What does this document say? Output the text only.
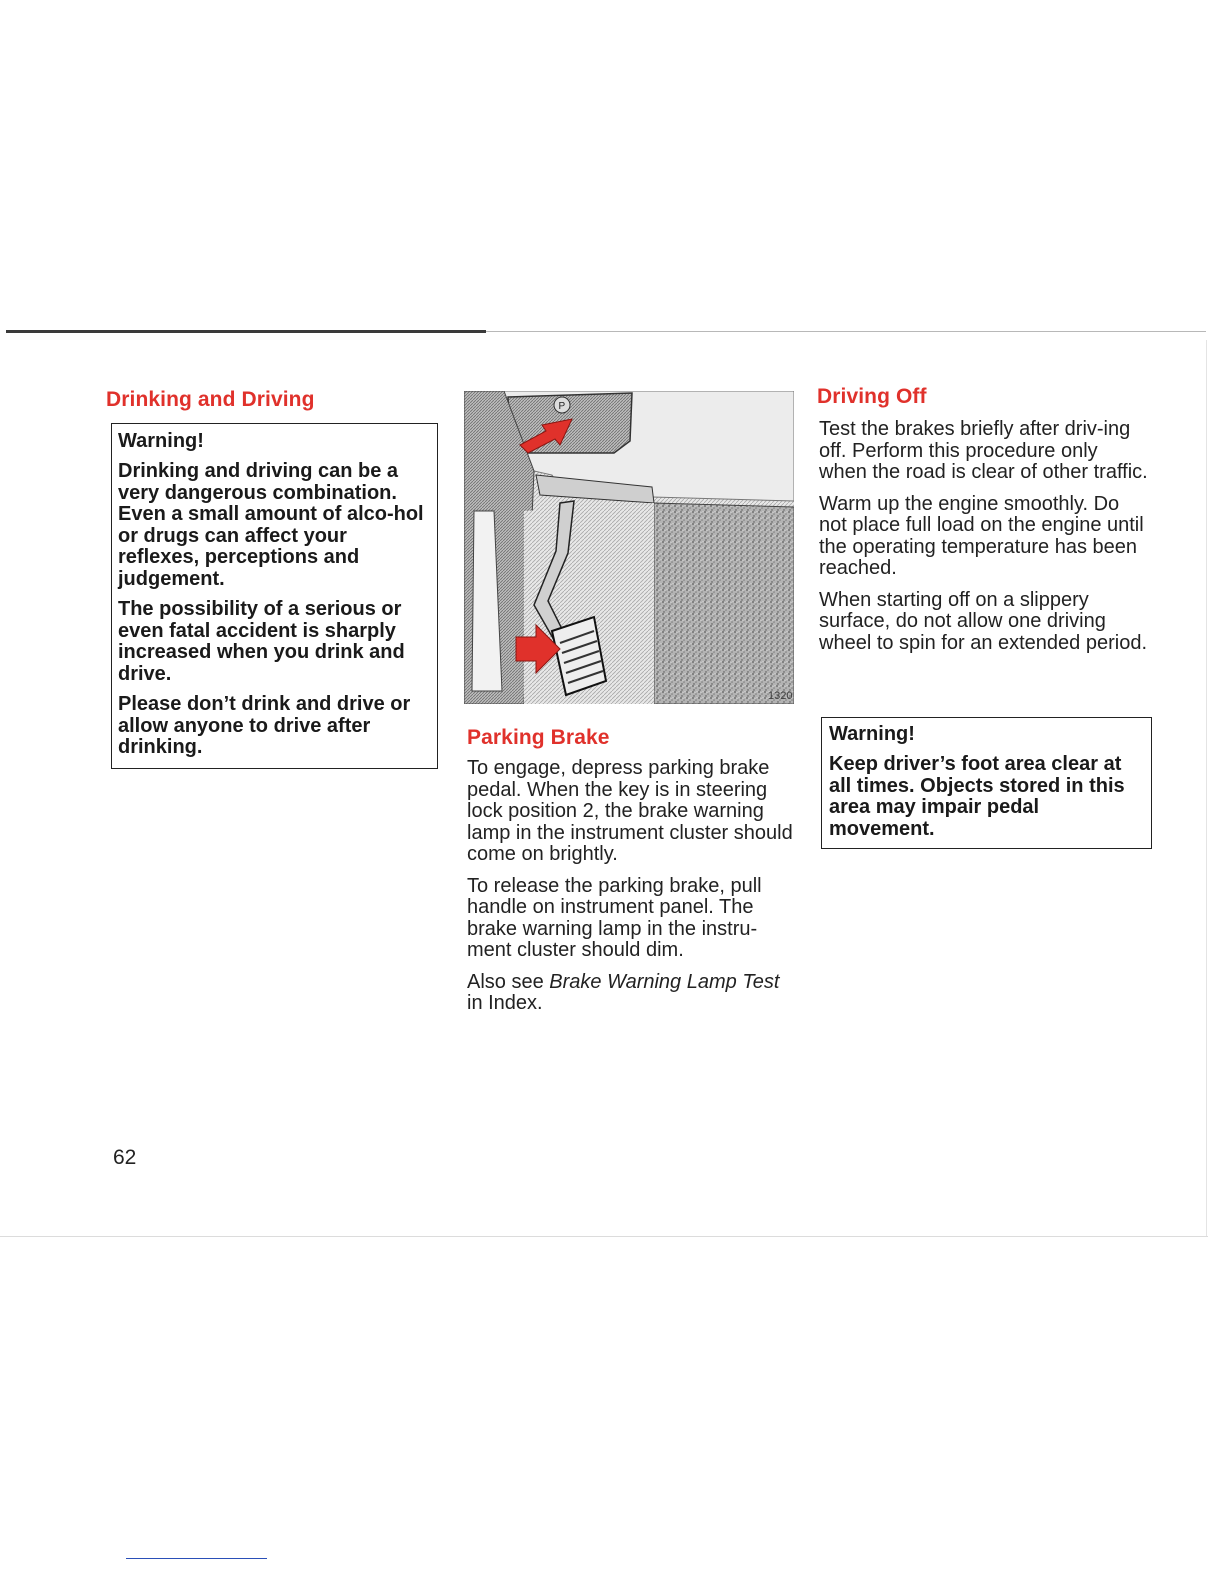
Drinking and Driving
Warning!

Drinking and driving can be a very dangerous combination. Even a small amount of alco-hol or drugs can affect your reflexes, perceptions and judgement.

The possibility of a serious or even fatal accident is sharply increased when you drink and drive.

Please don’t drink and drive or allow anyone to drive after drinking.

P
1320
Parking Brake

To engage, depress parking brake pedal. When the key is in steering lock position 2, the brake warning lamp in the instrument cluster should come on brightly.

To release the parking brake, pull handle on instrument panel. The brake warning lamp in the instru-ment cluster should dim.

Also see Brake Warning Lamp Test in Index.

Driving Off

Test the brakes briefly after driv-ing off. Perform this procedure only when the road is clear of other traffic.

Warm up the engine smoothly. Do not place full load on the engine until the operating temperature has been reached.

When starting off on a slippery surface, do not allow one driving wheel to spin for an extended period.

Warning!

Keep driver’s foot area clear at all times. Objects stored in this area may impair pedal movement.

62
